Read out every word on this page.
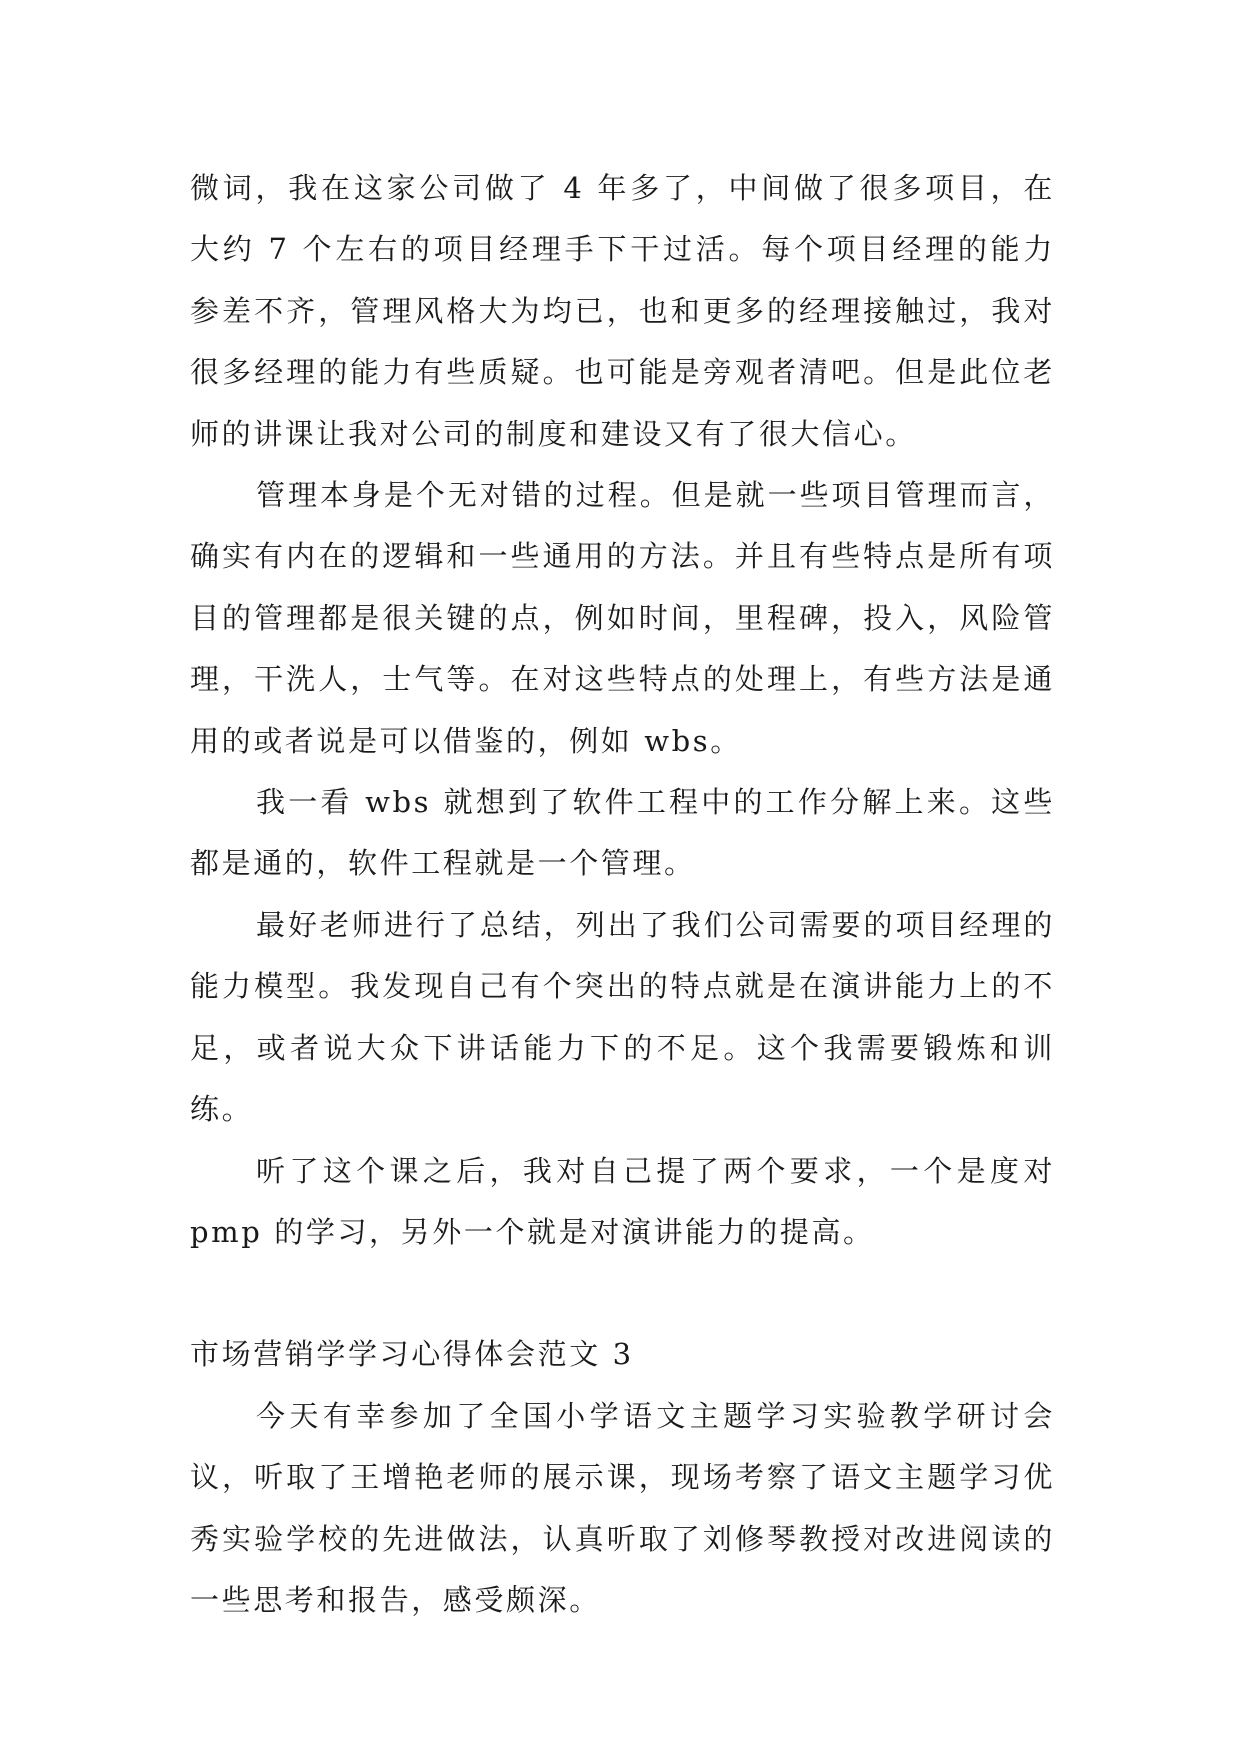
微词，我在这家公司做了 4 年多了，中间做了很多项目，在大约 7 个左右的项目经理手下干过活。每个项目经理的能力参差不齐，管理风格大为均已，也和更多的经理接触过，我对很多经理的能力有些质疑。也可能是旁观者清吧。但是此位老师的讲课让我对公司的制度和建设又有了很大信心。

管理本身是个无对错的过程。但是就一些项目管理而言，确实有内在的逻辑和一些通用的方法。并且有些特点是所有项目的管理都是很关键的点，例如时间，里程碑，投入，风险管理，干洗人，士气等。在对这些特点的处理上，有些方法是通用的或者说是可以借鉴的，例如 wbs。

我一看 wbs 就想到了软件工程中的工作分解上来。这些都是通的，软件工程就是一个管理。

最好老师进行了总结，列出了我们公司需要的项目经理的能力模型。我发现自己有个突出的特点就是在演讲能力上的不足，或者说大众下讲话能力下的不足。这个我需要锻炼和训练。

听了这个课之后，我对自己提了两个要求，一个是度对 pmp 的学习，另外一个就是对演讲能力的提高。

市场营销学学习心得体会范文 3

今天有幸参加了全国小学语文主题学习实验教学研讨会议，听取了王增艳老师的展示课，现场考察了语文主题学习优秀实验学校的先进做法，认真听取了刘修琴教授对改进阅读的一些思考和报告，感受颇深。
